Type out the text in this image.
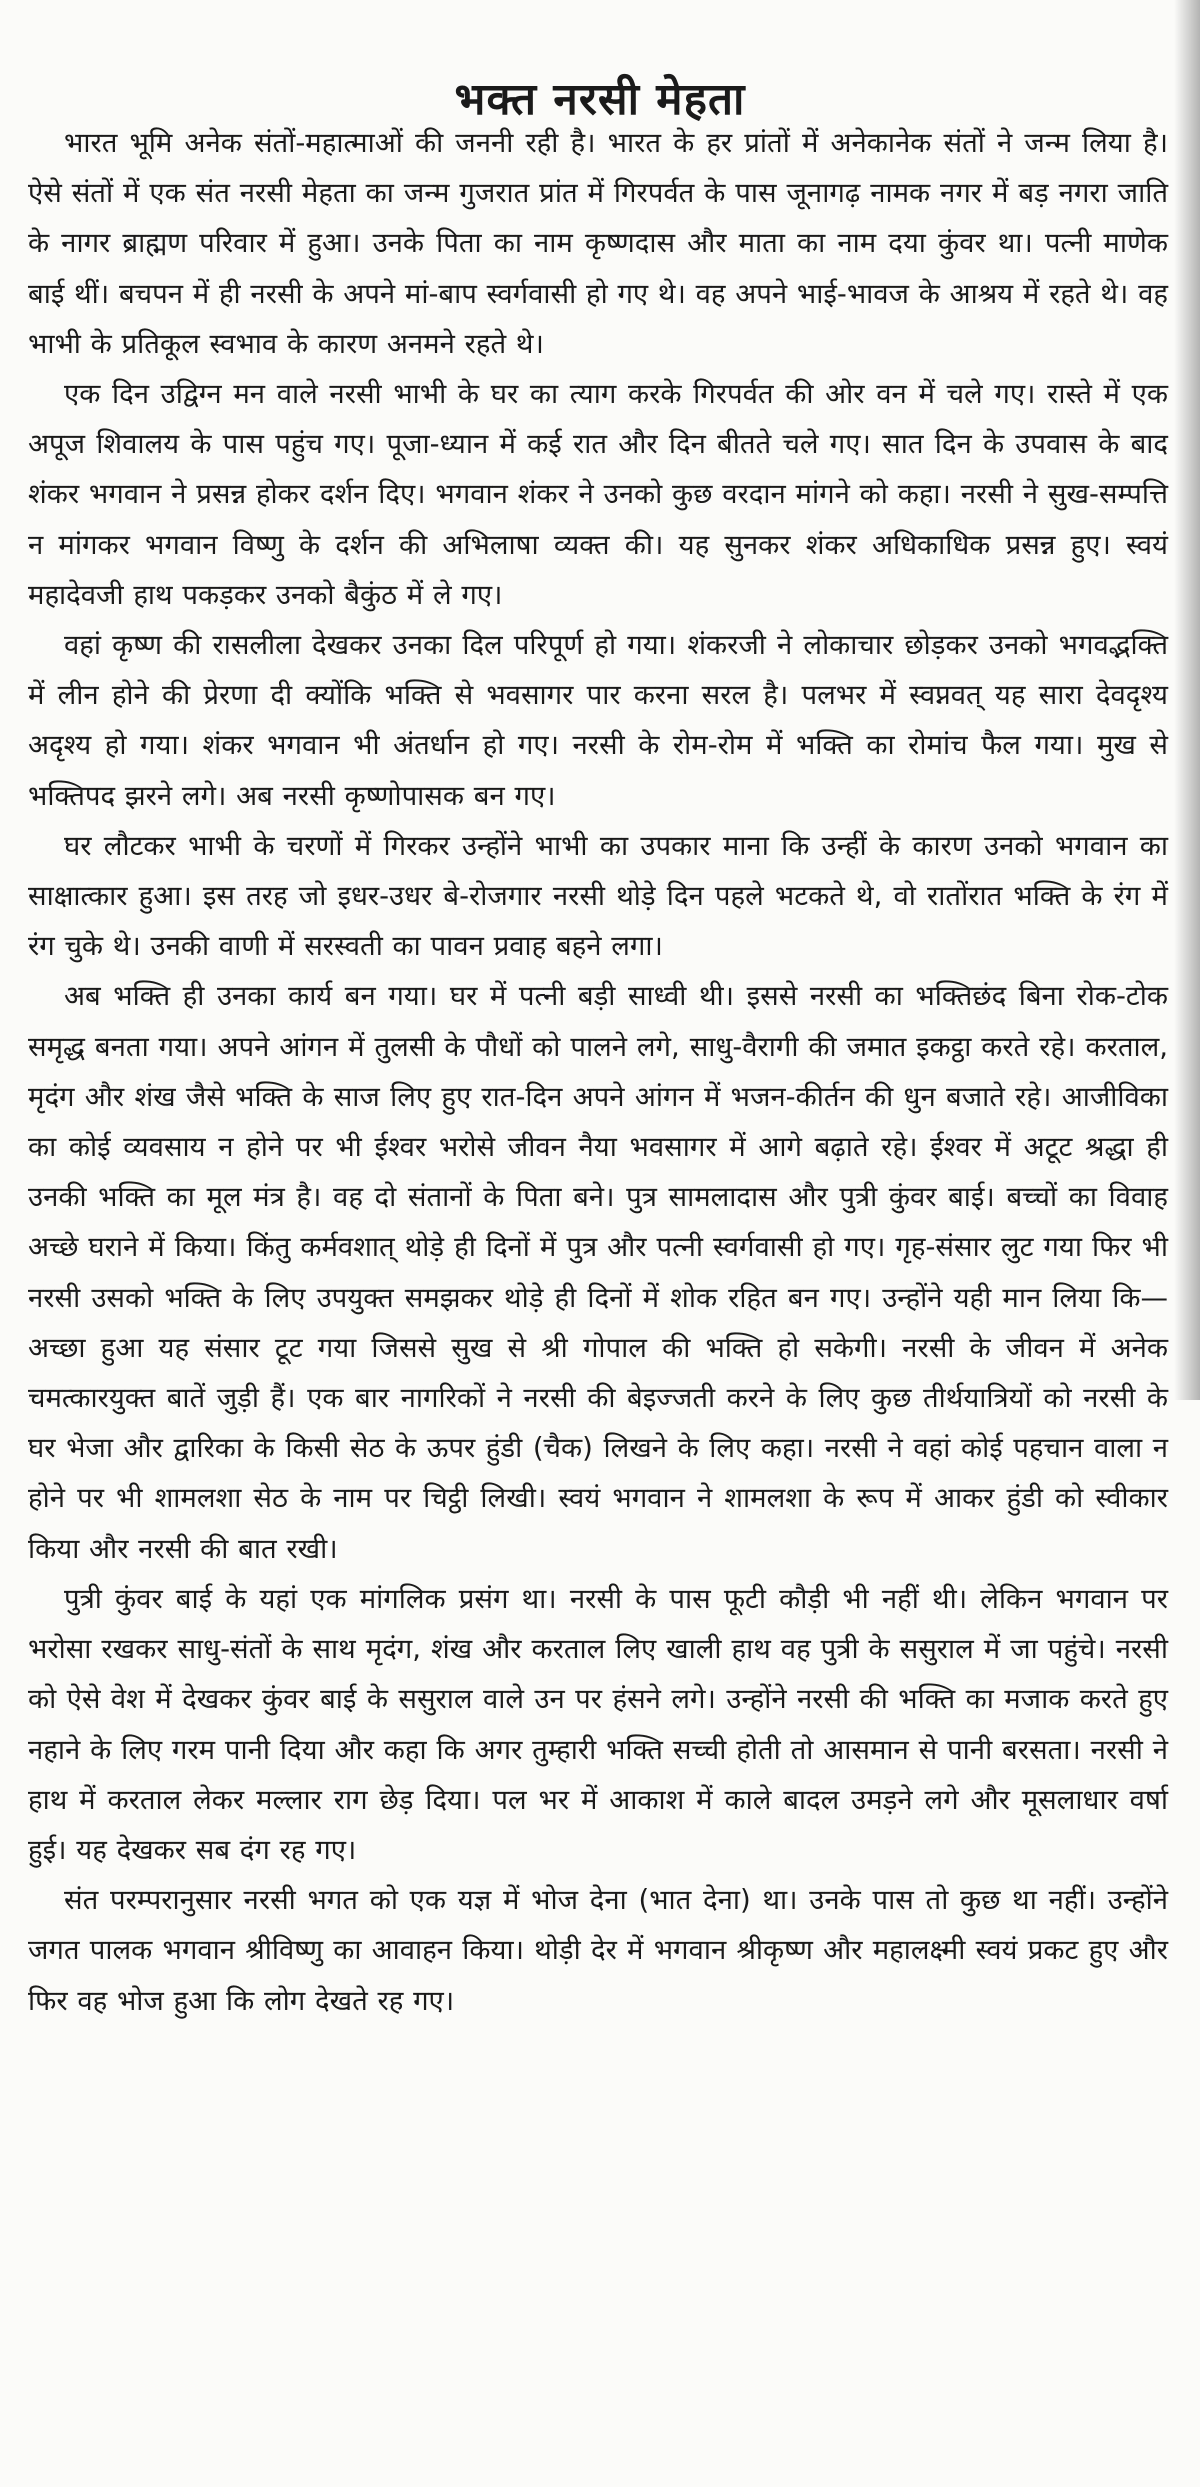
भक्त नरसी मेहता

भारत भूमि अनेक संतों-महात्माओं की जननी रही है। भारत के हर प्रांतों में अनेकानेक संतों ने जन्म लिया है। ऐसे संतों में एक संत नरसी मेहता का जन्म गुजरात प्रांत में गिरपर्वत के पास जूनागढ़ नामक नगर में बड़ नगरा जाति के नागर ब्राह्मण परिवार में हुआ। उनके पिता का नाम कृष्णदास और माता का नाम दया कुंवर था। पत्नी माणेक बाई थीं। बचपन में ही नरसी के अपने मां-बाप स्वर्गवासी हो गए थे। वह अपने भाई-भावज के आश्रय में रहते थे। वह भाभी के प्रतिकूल स्वभाव के कारण अनमने रहते थे।

एक दिन उद्विग्न मन वाले नरसी भाभी के घर का त्याग करके गिरपर्वत की ओर वन में चले गए। रास्ते में एक अपूज शिवालय के पास पहुंच गए। पूजा-ध्यान में कई रात और दिन बीतते चले गए। सात दिन के उपवास के बाद शंकर भगवान ने प्रसन्न होकर दर्शन दिए। भगवान शंकर ने उनको कुछ वरदान मांगने को कहा। नरसी ने सुख-सम्पत्ति न मांगकर भगवान विष्णु के दर्शन की अभिलाषा व्यक्त की। यह सुनकर शंकर अधिकाधिक प्रसन्न हुए। स्वयं महादेवजी हाथ पकड़कर उनको बैकुंठ में ले गए।

वहां कृष्ण की रासलीला देखकर उनका दिल परिपूर्ण हो गया। शंकरजी ने लोकाचार छोड़कर उनको भगवद्भक्ति में लीन होने की प्रेरणा दी क्योंकि भक्ति से भवसागर पार करना सरल है। पलभर में स्वप्नवत् यह सारा देवदृश्य अदृश्य हो गया। शंकर भगवान भी अंतर्धान हो गए। नरसी के रोम-रोम में भक्ति का रोमांच फैल गया। मुख से भक्तिपद झरने लगे। अब नरसी कृष्णोपासक बन गए।

घर लौटकर भाभी के चरणों में गिरकर उन्होंने भाभी का उपकार माना कि उन्हीं के कारण उनको भगवान का साक्षात्कार हुआ। इस तरह जो इधर-उधर बे-रोजगार नरसी थोड़े दिन पहले भटकते थे, वो रातोंरात भक्ति के रंग में रंग चुके थे। उनकी वाणी में सरस्वती का पावन प्रवाह बहने लगा।

अब भक्ति ही उनका कार्य बन गया। घर में पत्नी बड़ी साध्वी थी। इससे नरसी का भक्तिछंद बिना रोक-टोक समृद्ध बनता गया। अपने आंगन में तुलसी के पौधों को पालने लगे, साधु-वैरागी की जमात इकट्ठा करते रहे। करताल, मृदंग और शंख जैसे भक्ति के साज लिए हुए रात-दिन अपने आंगन में भजन-कीर्तन की धुन बजाते रहे। आजीविका का कोई व्यवसाय न होने पर भी ईश्वर भरोसे जीवन नैया भवसागर में आगे बढ़ाते रहे। ईश्वर में अटूट श्रद्धा ही उनकी भक्ति का मूल मंत्र है। वह दो संतानों के पिता बने। पुत्र सामलादास और पुत्री कुंवर बाई। बच्चों का विवाह अच्छे घराने में किया। किंतु कर्मवशात् थोड़े ही दिनों में पुत्र और पत्नी स्वर्गवासी हो गए। गृह-संसार लुट गया फिर भी नरसी उसको भक्ति के लिए उपयुक्त समझकर थोड़े ही दिनों में शोक रहित बन गए। उन्होंने यही मान लिया कि—अच्छा हुआ यह संसार टूट गया जिससे सुख से श्री गोपाल की भक्ति हो सकेगी। नरसी के जीवन में अनेक चमत्कारयुक्त बातें जुड़ी हैं। एक बार नागरिकों ने नरसी की बेइज्जती करने के लिए कुछ तीर्थयात्रियों को नरसी के घर भेजा और द्वारिका के किसी सेठ के ऊपर हुंडी (चैक) लिखने के लिए कहा। नरसी ने वहां कोई पहचान वाला न होने पर भी शामलशा सेठ के नाम पर चिट्ठी लिखी। स्वयं भगवान ने शामलशा के रूप में आकर हुंडी को स्वीकार किया और नरसी की बात रखी।

पुत्री कुंवर बाई के यहां एक मांगलिक प्रसंग था। नरसी के पास फूटी कौड़ी भी नहीं थी। लेकिन भगवान पर भरोसा रखकर साधु-संतों के साथ मृदंग, शंख और करताल लिए खाली हाथ वह पुत्री के ससुराल में जा पहुंचे। नरसी को ऐसे वेश में देखकर कुंवर बाई के ससुराल वाले उन पर हंसने लगे। उन्होंने नरसी की भक्ति का मजाक करते हुए नहाने के लिए गरम पानी दिया और कहा कि अगर तुम्हारी भक्ति सच्ची होती तो आसमान से पानी बरसता। नरसी ने हाथ में करताल लेकर मल्लार राग छेड़ दिया। पल भर में आकाश में काले बादल उमड़ने लगे और मूसलाधार वर्षा हुई। यह देखकर सब दंग रह गए।

संत परम्परानुसार नरसी भगत को एक यज्ञ में भोज देना (भात देना) था। उनके पास तो कुछ था नहीं। उन्होंने जगत पालक भगवान श्रीविष्णु का आवाहन किया। थोड़ी देर में भगवान श्रीकृष्ण और महालक्ष्मी स्वयं प्रकट हुए और फिर वह भोज हुआ कि लोग देखते रह गए।
